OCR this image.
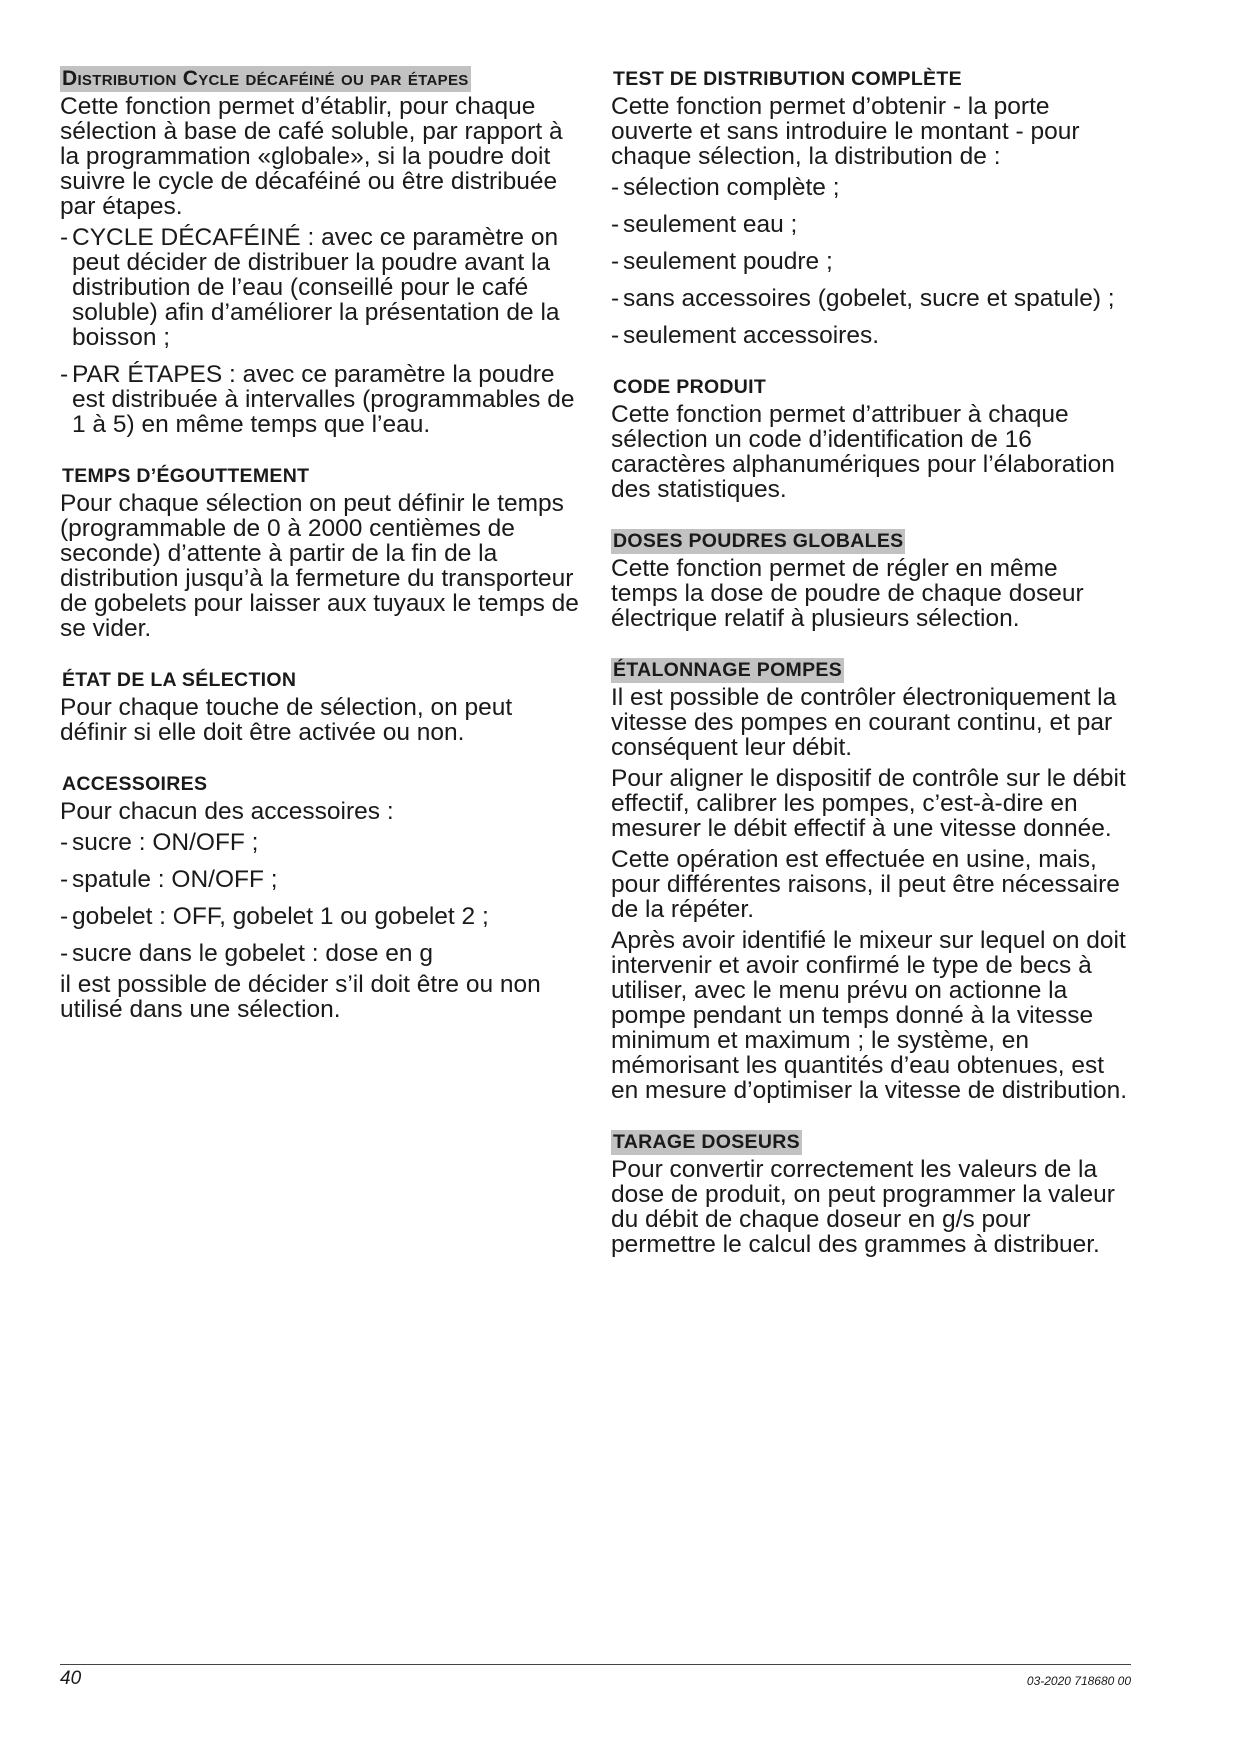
Distribution Cycle décaféiné ou par étapes

Cette fonction permet d’établir, pour chaque sélection à base de café soluble, par rapport à la programmation «globale», si la poudre doit suivre le cycle de décaféiné ou être distribuée par étapes.

- CYCLE DÉCAFÉINÉ : avec ce paramètre on peut décider de distribuer la poudre avant la distribution de l’eau (conseillé pour le café soluble) afin d’améliorer la présentation de la boisson ;
- PAR ÉTAPES : avec ce paramètre la poudre est distribuée à intervalles (programmables de 1 à 5) en même temps que l’eau.
TEMPS D’ÉGOUTTEMENT

Pour chaque sélection on peut définir le temps (programmable de 0 à 2000 centièmes de seconde) d’attente à partir de la fin de la distribution jusqu’à la fermeture du transporteur de gobelets pour laisser aux tuyaux le temps de se vider.

ÉTAT DE LA SÉLECTION

Pour chaque touche de sélection, on peut définir si elle doit être activée ou non.

ACCESSOIRES

Pour chacun des accessoires :

- sucre : ON/OFF ;
- spatule : ON/OFF ;
- gobelet : OFF, gobelet 1 ou gobelet 2 ;
- sucre dans le gobelet : dose en g

il est possible de décider s’il doit être ou non utilisé dans une sélection.

TEST DE DISTRIBUTION COMPLÈTE

Cette fonction permet d’obtenir - la porte ouverte et sans introduire le montant - pour chaque sélection, la distribution de :

- sélection complète ;
- seulement eau ;
- seulement poudre ;
- sans accessoires (gobelet, sucre et spatule) ;
- seulement accessoires.
CODE PRODUIT

Cette fonction permet d’attribuer à chaque sélection un code d’identification de 16 caractères alphanumériques pour l’élaboration des statistiques.

DOSES POUDRES GLOBALES

Cette fonction permet de régler en même temps la dose de poudre de chaque doseur électrique relatif à plusieurs sélection.

ÉTALONNAGE POMPES

Il est possible de contrôler électroniquement la vitesse des pompes en courant continu, et par conséquent leur débit.

Pour aligner le dispositif de contrôle sur le débit effectif, calibrer les pompes, c’est-à-dire en mesurer le débit effectif à une vitesse donnée.

Cette opération est effectuée en usine, mais, pour différentes raisons, il peut être nécessaire de la répéter.

Après avoir identifié le mixeur sur lequel on doit intervenir et avoir confirmé le type de becs à utiliser, avec le menu prévu on actionne la pompe pendant un temps donné à la vitesse minimum et maximum ; le système, en mémorisant les quantités d’eau obtenues, est en mesure d’optimiser la vitesse de distribution.

TARAGE DOSEURS

Pour convertir correctement les valeurs de la dose de produit, on peut programmer la valeur du débit de chaque doseur en g/s pour permettre le calcul des grammes à distribuer.

40	03-2020 718680 00
